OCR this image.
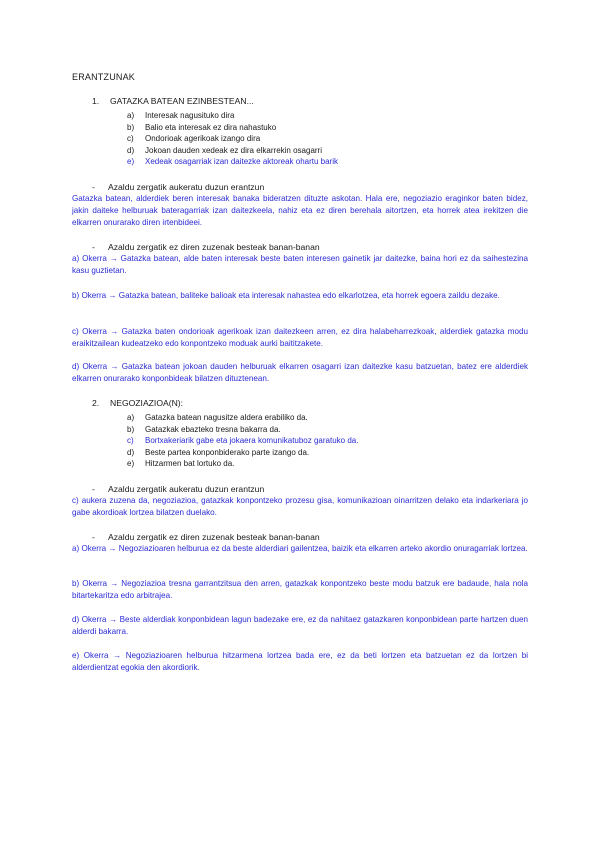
ERANTZUNAK
1.	GATAZKA BATEAN EZINBESTEAN...
a)	Interesak nagusituko dira
b)	Balio eta interesak ez dira nahastuko
c)	Ondorioak agerikoak izango dira
d)	Jokoan dauden xedeak ez dira elkarrekin osagarri
e)	Xedeak osagarriak izan daitezke aktoreak ohartu barik
-	Azaldu zergatik aukeratu duzun erantzun
Gatazka batean, alderdiek beren interesak banaka bideratzen dituzte askotan. Hala ere, negoziazio eraginkor baten bidez, jakin daiteke helburuak bateragarriak izan daitezkeela, nahiz eta ez diren berehala aitortzen, eta horrek atea irekitzen die elkarren onurarako diren irtenbideei.
-	Azaldu zergatik ez diren zuzenak besteak banan-banan
a) Okerra → Gatazka batean, alde baten interesak beste baten interesen gainetik jar daitezke, baina hori ez da saihestezina kasu guztietan.
b) Okerra → Gatazka batean, baliteke balioak eta interesak nahastea edo elkarlotzea, eta horrek egoera zaildu dezake.
c) Okerra → Gatazka baten ondorioak agerikoak izan daitezkeen arren, ez dira halabeharrezkoak, alderdiek gatazka modu eraikitzailean kudeatzeko edo konpontzeko moduak aurki baititzakete.
d) Okerra → Gatazka batean jokoan dauden helburuak elkarren osagarri izan daitezke kasu batzuetan, batez ere alderdiek elkarren onurarako konponbideak bilatzen dituztenean.
2.	NEGOZIAZIOA(N):
a)	Gatazka batean nagusitze aldera erabiliko da.
b)	Gatazkak ebazteko tresna bakarra da.
c)	Bortxakeriarik gabe eta jokaera komunikatuboz garatuko da.
d)	Beste partea konponbiderako parte izango da.
e)	Hitzarmen bat lortuko da.
-	Azaldu zergatik aukeratu duzun erantzun
c) aukera zuzena da, negoziazioa, gatazkak konpontzeko prozesu gisa, komunikazioan oinarritzen delako eta indarkeriara jo gabe akordioak lortzea bilatzen duelako.
-	Azaldu zergatik ez diren zuzenak besteak banan-banan
a) Okerra → Negoziazioaren helburua ez da beste alderdiari gailentzea, baizik eta elkarren arteko akordio onuragarriak lortzea.
b) Okerra → Negoziazioa tresna garrantzitsua den arren, gatazkak konpontzeko beste modu batzuk ere badaude, hala nola bitartekaritza edo arbitrajea.
d) Okerra → Beste alderdiak konponbidean lagun badezake ere, ez da nahitaez gatazkaren konponbidean parte hartzen duen alderdi bakarra.
e) Okerra → Negoziazioaren helburua hitzarmena lortzea bada ere, ez da beti lortzen eta batzuetan ez da lortzen bi alderdientzat egokia den akordiorik.
